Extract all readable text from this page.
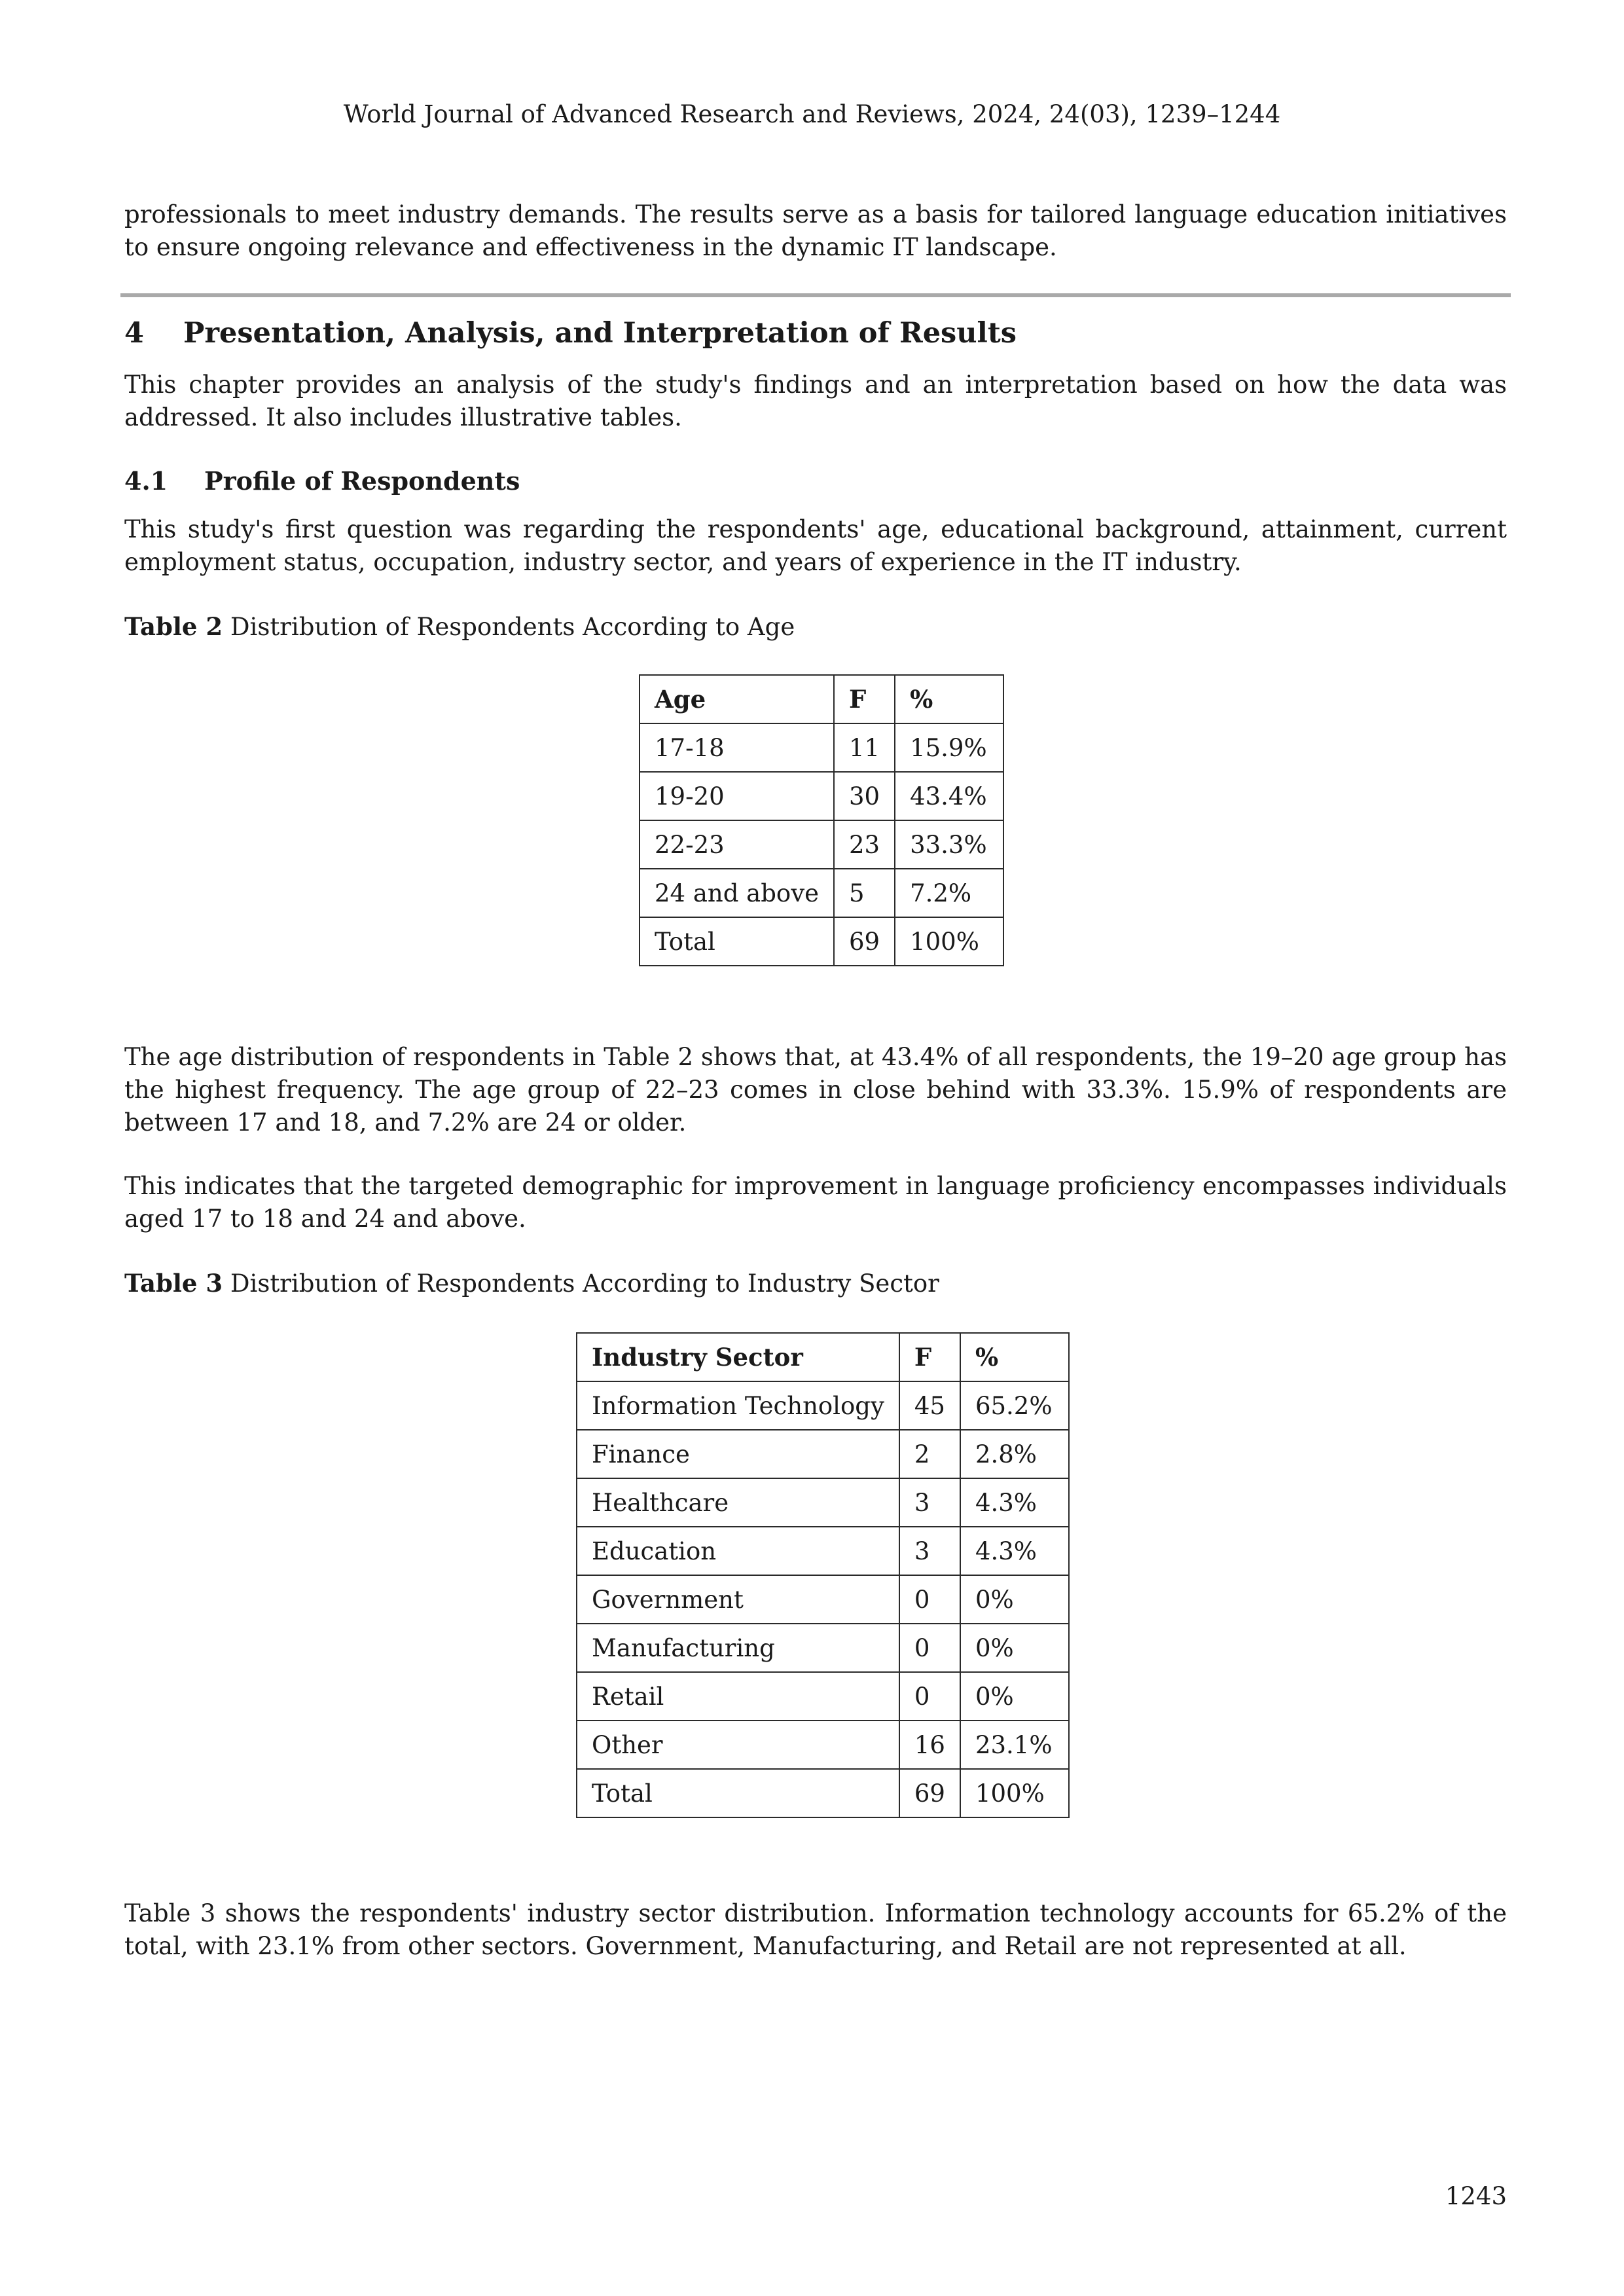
World Journal of Advanced Research and Reviews, 2024, 24(03), 1239–1244

professionals to meet industry demands. The results serve as a basis for tailored language education initiatives to ensure ongoing relevance and effectiveness in the dynamic IT landscape.

4 Presentation, Analysis, and Interpretation of Results

This chapter provides an analysis of the study's findings and an interpretation based on how the data was addressed. It also includes illustrative tables.

4.1 Profile of Respondents

This study's first question was regarding the respondents' age, educational background, attainment, current employment status, occupation, industry sector, and years of experience in the IT industry.

Table 2 Distribution of Respondents According to Age

Age	F	%
17-18	11	15.9%
19-20	30	43.4%
22-23	23	33.3%
24 and above	5	7.2%
Total	69	100%

The age distribution of respondents in Table 2 shows that, at 43.4% of all respondents, the 19–20 age group has the highest frequency. The age group of 22–23 comes in close behind with 33.3%. 15.9% of respondents are between 17 and 18, and 7.2% are 24 or older.

This indicates that the targeted demographic for improvement in language proficiency encompasses individuals aged 17 to 18 and 24 and above.

Table 3 Distribution of Respondents According to Industry Sector

Industry Sector	F	%
Information Technology	45	65.2%
Finance	2	2.8%
Healthcare	3	4.3%
Education	3	4.3%
Government	0	0%
Manufacturing	0	0%
Retail	0	0%
Other	16	23.1%
Total	69	100%

Table 3 shows the respondents' industry sector distribution. Information technology accounts for 65.2% of the total, with 23.1% from other sectors. Government, Manufacturing, and Retail are not represented at all.

1243
